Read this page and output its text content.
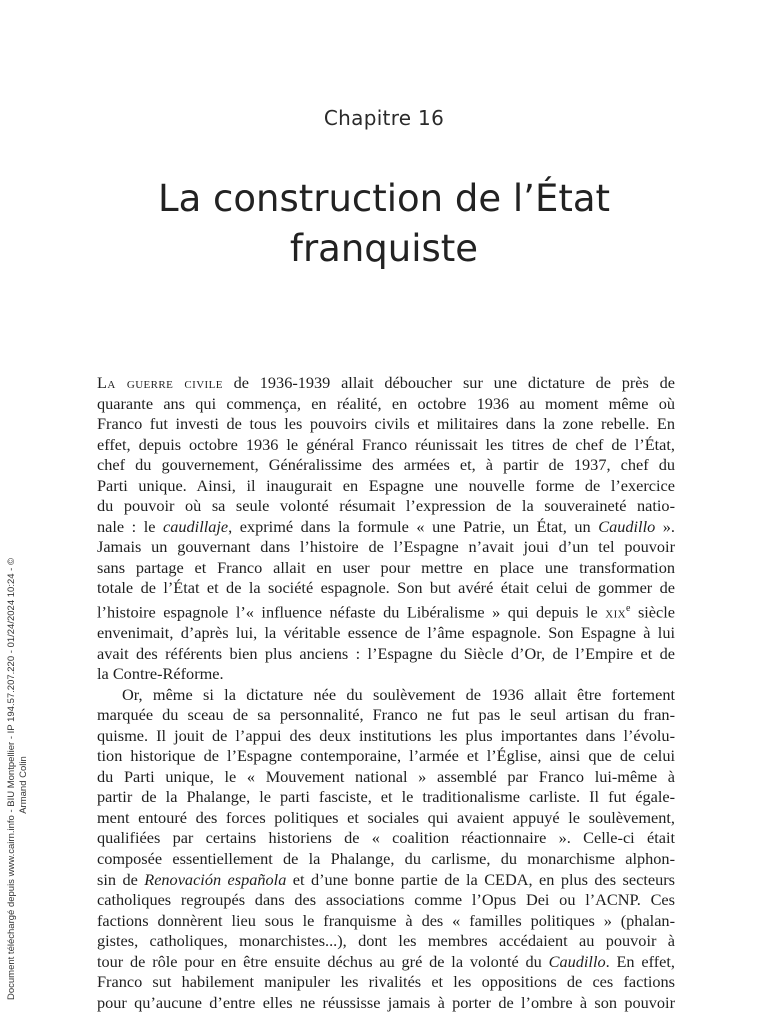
Chapitre 16
La construction de l’État
franquiste

La guerre civile de 1936-1939 allait déboucher sur une dictature de près de
quarante ans qui commença, en réalité, en octobre 1936 au moment même où
Franco fut investi de tous les pouvoirs civils et militaires dans la zone rebelle. En
effet, depuis octobre 1936 le général Franco réunissait les titres de chef de l’État,
chef du gouvernement, Généralissime des armées et, à partir de 1937, chef du
Parti unique. Ainsi, il inaugurait en Espagne une nouvelle forme de l’exercice
du pouvoir où sa seule volonté résumait l’expression de la souveraineté natio-
nale : le caudillaje, exprimé dans la formule « une Patrie, un État, un Caudillo ».
Jamais un gouvernant dans l’histoire de l’Espagne n’avait joui d’un tel pouvoir
sans partage et Franco allait en user pour mettre en place une transformation
totale de l’État et de la société espagnole. Son but avéré était celui de gommer de
l’histoire espagnole l’« influence néfaste du Libéralisme » qui depuis le xix$^e$ siècle
envenimait, d’après lui, la véritable essence de l’âme espagnole. Son Espagne à lui
avait des référents bien plus anciens : l’Espagne du Siècle d’Or, de l’Empire et de
la Contre-Réforme.

Or, même si la dictature née du soulèvement de 1936 allait être fortement
marquée du sceau de sa personnalité, Franco ne fut pas le seul artisan du fran-
quisme. Il jouit de l’appui des deux institutions les plus importantes dans l’évolu-
tion historique de l’Espagne contemporaine, l’armée et l’Église, ainsi que de celui
du Parti unique, le « Mouvement national » assemblé par Franco lui-même à
partir de la Phalange, le parti fasciste, et le traditionalisme carliste. Il fut égale-
ment entouré des forces politiques et sociales qui avaient appuyé le soulèvement,
qualifiées par certains historiens de « coalition réactionnaire ». Celle-ci était
composée essentiellement de la Phalange, du carlisme, du monarchisme alphon-
sin de Renovación española et d’une bonne partie de la CEDA, en plus des secteurs
catholiques regroupés dans des associations comme l’Opus Dei ou l’ACNP. Ces
factions donnèrent lieu sous le franquisme à des « familles politiques » (phalan-
gistes, catholiques, monarchistes...), dont les membres accédaient au pouvoir à
tour de rôle pour en être ensuite déchus au gré de la volonté du Caudillo. En effet,
Franco sut habilement manipuler les rivalités et les oppositions de ces factions
pour qu’aucune d’entre elles ne réussisse jamais à porter de l’ombre à son pouvoir

Document téléchargé depuis www.cairn.info - BIU Montpellier - IP 194.57.207.220 - 01/24/2024 10:24 - © Armand Colin
